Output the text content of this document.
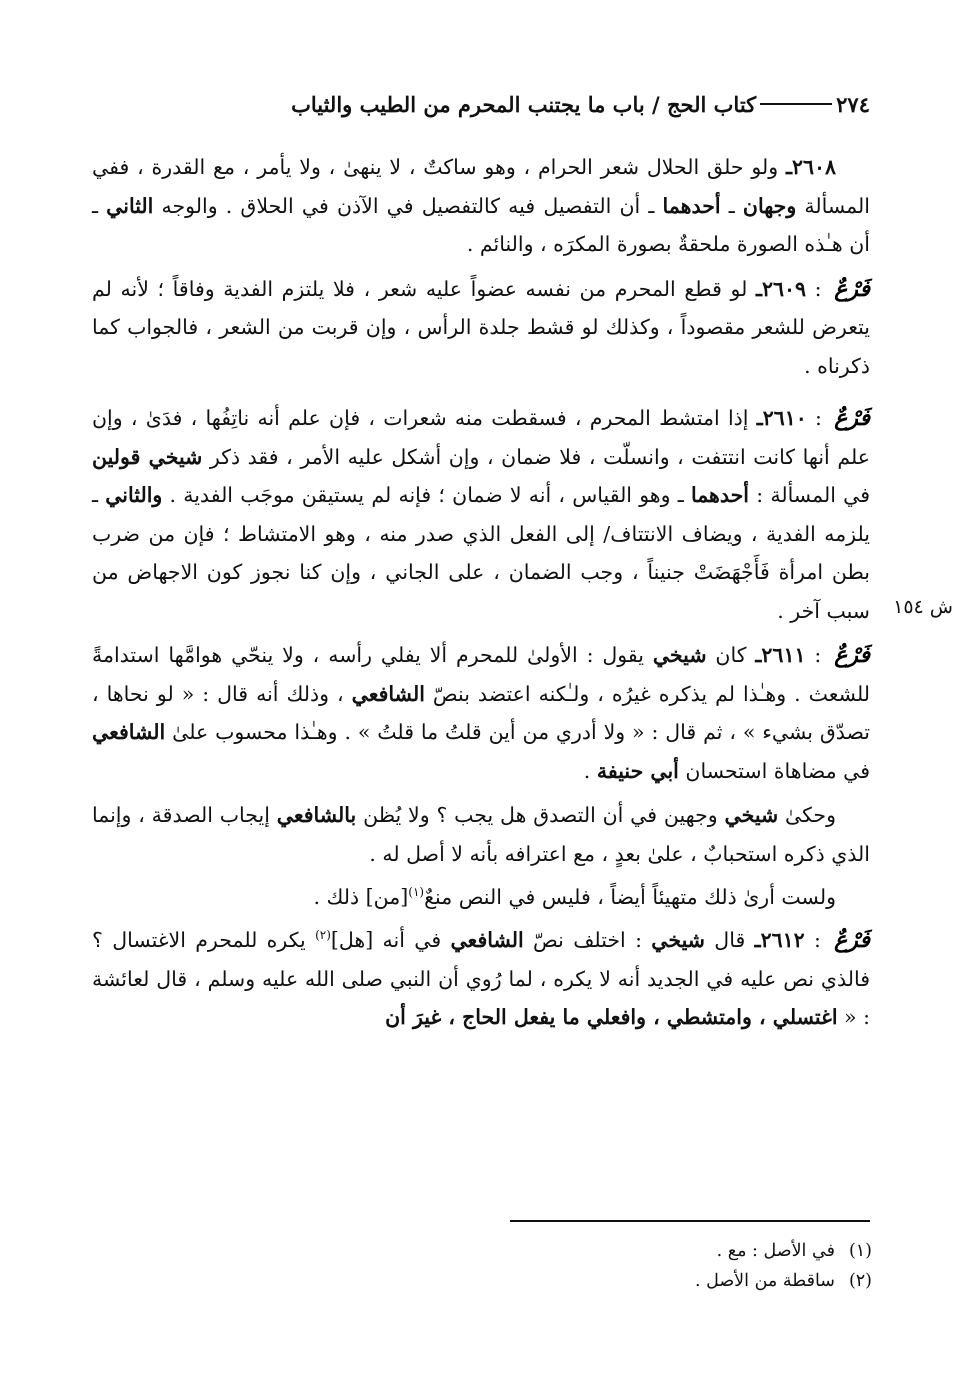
٢٧٤
كتاب الحج / باب ما يجتنب المحرم من الطيب والثياب

٢٦٠٨ـ ولو حلق الحلال شعر الحرام ، وهو ساكتٌ ، لا ينهىٰ ، ولا يأمر ، مع القدرة ، ففي المسألة وجهان ـ أحدهما ـ أن التفصيل فيه كالتفصيل في الآذن في الحلاق . والوجه الثاني ـ أن هـٰذه الصورة ملحقةٌ بصورة المكرَه ، والنائم .

فَرْعٌ : ٢٦٠٩ـ لو قطع المحرم من نفسه عضواً عليه شعر ، فلا يلتزم الفدية وفاقاً ؛ لأنه لم يتعرض للشعر مقصوداً ، وكذلك لو قشط جلدة الرأس ، وإن قربت من الشعر ، فالجواب كما ذكرناه .

فَرْعٌ : ٢٦١٠ـ إذا امتشط المحرم ، فسقطت منه شعرات ، فإن علم أنه ناتِفُها ، فدَىٰ ، وإن علم أنها كانت انتتفت ، وانسلّت ، فلا ضمان ، وإن أشكل عليه الأمر ، فقد ذكر شيخي قولين في المسألة : أحدهما ـ وهو القياس ، أنه لا ضمان ؛ فإنه لم يستيقن موجَب الفدية . والثاني ـ يلزمه الفدية ، ويضاف الانتتاف/ إلى الفعل الذي صدر منه ، وهو الامتشاط ؛ فإن من ضرب بطن امرأة فَأَجْهَضَتْ جنيناً ، وجب الضمان ، على الجاني ، وإن كنا نجوز كون الاجهاض من سبب آخر .

فَرْعٌ : ٢٦١١ـ كان شيخي يقول : الأولىٰ للمحرم ألا يفلي رأسه ، ولا ينحّي هوامَّها استدامةً للشعث . وهـٰذا لم يذكره غيرُه ، ولـٰكنه اعتضد بنصّ الشافعي ، وذلك أنه قال : « لو نحاها ، تصدّق بشيء » ، ثم قال : « ولا أدري من أين قلتُ ما قلتُ » . وهـٰذا محسوب علىٰ الشافعي في مضاهاة استحسان أبي حنيفة .

وحكىٰ شيخي وجهين في أن التصدق هل يجب ؟ ولا يُظن بالشافعي إيجاب الصدقة ، وإنما الذي ذكره استحبابٌ ، علىٰ بعدٍ ، مع اعترافه بأنه لا أصل له .

ولست أرىٰ ذلك متهيئاً أيضاً ، فليس في النص منعٌ$^{(١)}$[من] ذلك .

فَرْعٌ : ٢٦١٢ـ قال شيخي : اختلف نصّ الشافعي في أنه [هل]$^{(٢)}$ يكره للمحرم الاغتسال ؟ فالذي نص عليه في الجديد أنه لا يكره ، لما رُوي أن النبي صلى الله عليه وسلم ، قال لعائشة : « اغتسلي ، وامتشطي ، وافعلي ما يفعل الحاج ، غيرَ أن

ش ١٥٤
(١)
في الأصل : مع .
(٢)
ساقطة من الأصل .
